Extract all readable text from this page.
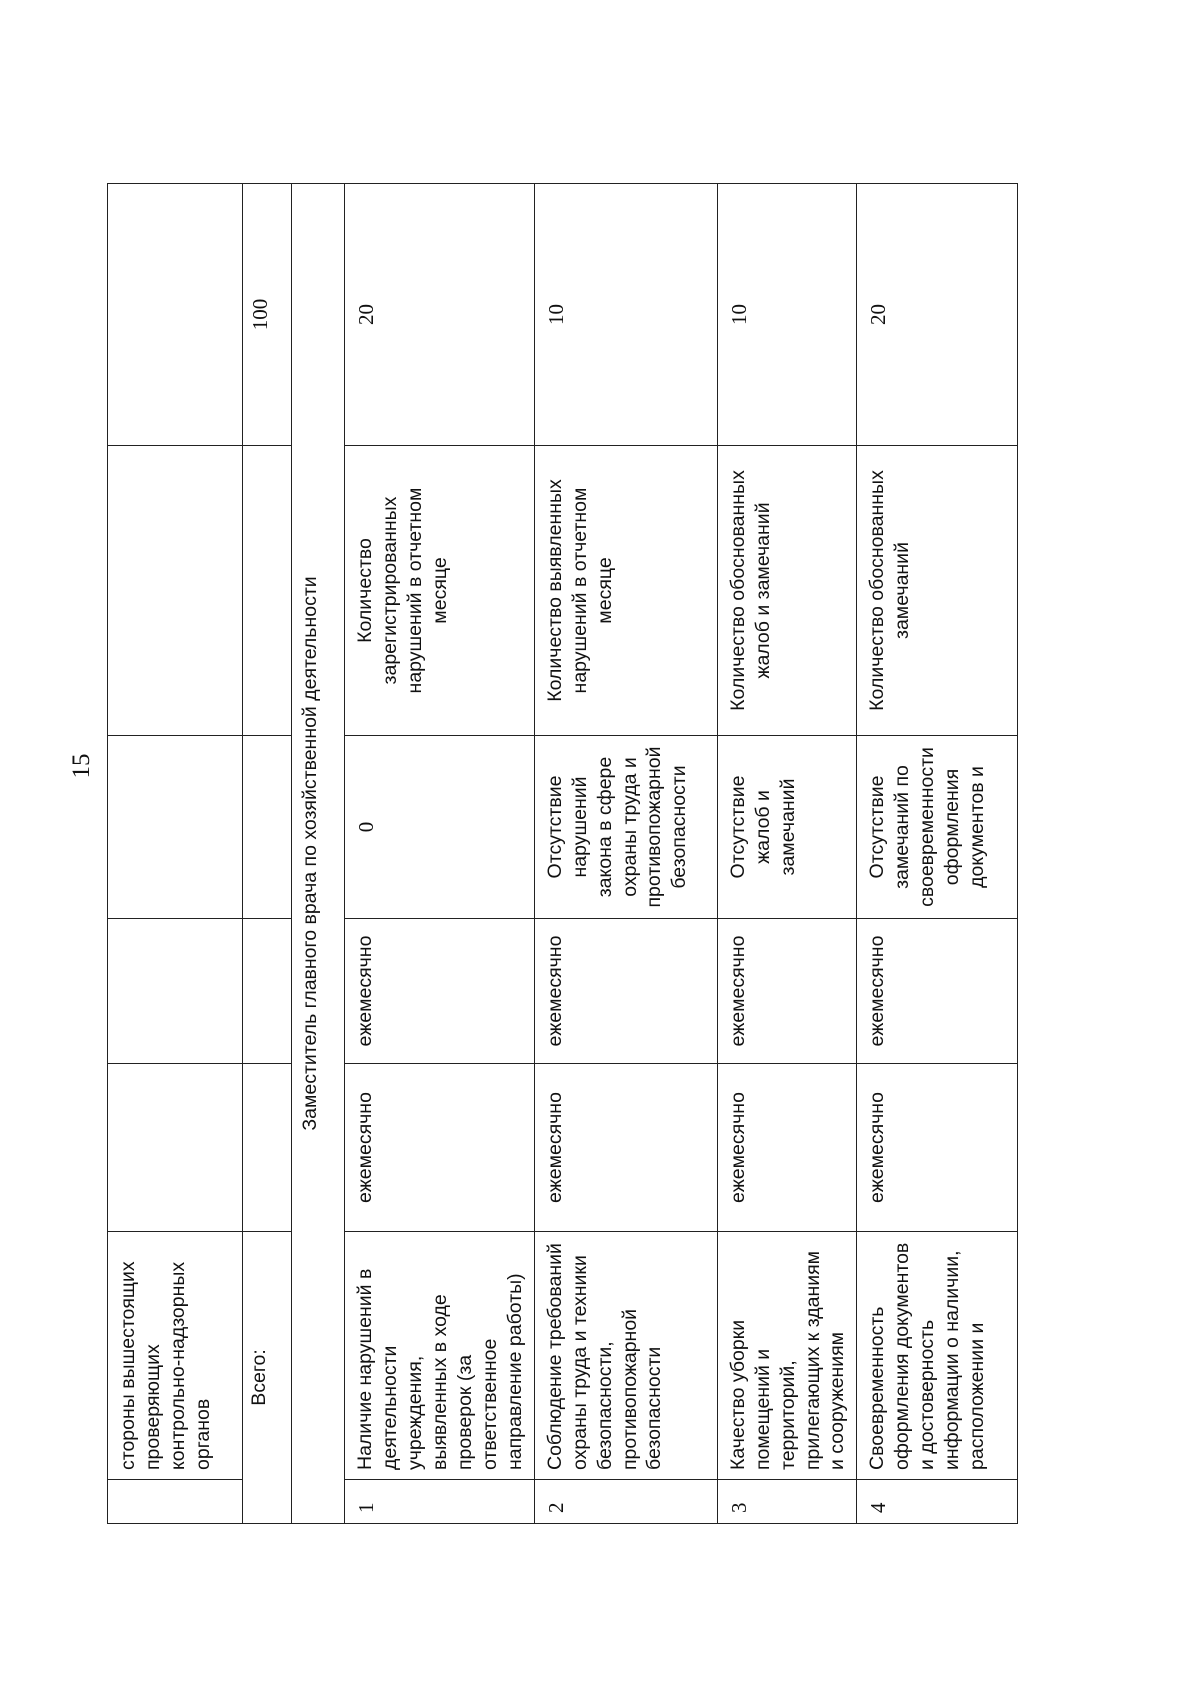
15
	стороны вышестоящих проверяющих контрольно-надзорных органов					
Всего:						100
Заместитель главного врача по хозяйственной деятельности						
1	Наличие нарушений в деятельности учреждения, выявленных в ходе проверок (за ответственное направление работы)	ежемесячно	ежемесячно	0	Количество зарегистрированных нарушений в отчетном месяце	20
2	Соблюдение требований охраны труда и техники безопасности, противопожарной безопасности	ежемесячно	ежемесячно	Отсутствие нарушений закона в сфере охраны труда и противопожарной безопасности	Количество выявленных нарушений в отчетном месяце	10
3	Качество уборки помещений и территорий, прилегающих к зданиям и сооружениям	ежемесячно	ежемесячно	Отсутствие жалоб и замечаний	Количество обоснованных жалоб и замечаний	10
4	Своевременность оформления документов и достоверность информации о наличии, расположении и	ежемесячно	ежемесячно	Отсутствие замечаний по своевременности оформления документов и	Количество обоснованных замечаний	20
